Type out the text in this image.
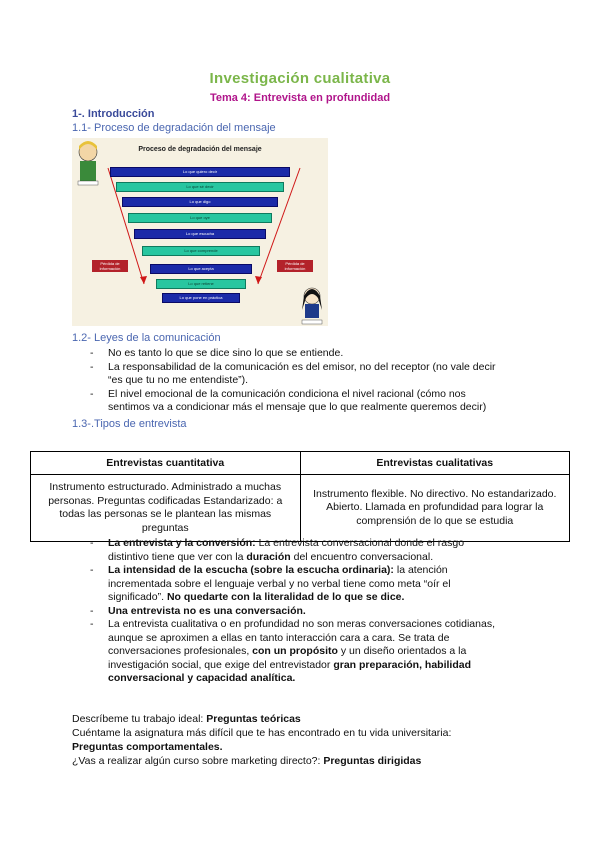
Investigación cualitativa
Tema 4: Entrevista en profundidad
1-. Introducción
1.1- Proceso de degradación del mensaje
Proceso de degradación del mensaje
Lo que quiero decir
Lo que sé decir
Lo que digo
Lo que oye
Lo que escucha
Lo que comprende
Lo que acepta
Lo que retiene
Lo que pone en práctica
Pérdida de información
Pérdida de información
1.2- Leyes de la comunicación
- No es tanto lo que se dice sino lo que se entiende.
- La responsabilidad de la comunicación es del emisor, no del receptor (no vale decir “es que tu no me entendiste”).
- El nivel emocional de la comunicación condiciona el nivel racional (cómo nos sentimos va a condicionar más el mensaje que lo que realmente queremos decir)
1.3-.Tipos de entrevista
Entrevistas cuantitativa	Entrevistas cualitativas
Instrumento estructurado. Administrado a muchas personas. Preguntas codificadas Estandarizado: a todas las personas se le plantean las mismas preguntas	Instrumento flexible. No directivo. No estandarizado. Abierto. Llamada en profundidad para lograr la comprensión de lo que se estudia
- La entrevista y la conversión: La entrevista conversacional donde el rasgo distintivo tiene que ver con la duración del encuentro conversacional.
- La intensidad de la escucha (sobre la escucha ordinaria): la atención incrementada sobre el lenguaje verbal y no verbal tiene como meta “oír el significado”. No quedarte con la literalidad de lo que se dice.
- Una entrevista no es una conversación.
- La entrevista cualitativa o en profundidad no son meras conversaciones cotidianas, aunque se aproximen a ellas en tanto interacción cara a cara. Se trata de conversaciones profesionales, con un propósito y un diseño orientados a la investigación social, que exige del entrevistador gran preparación, habilidad conversacional y capacidad analítica.
Descríbeme tu trabajo ideal: Preguntas teóricas
Cuéntame la asignatura más difícil que te has encontrado en tu vida universitaria:
Preguntas comportamentales.
¿Vas a realizar algún curso sobre marketing directo?: Preguntas dirigidas
